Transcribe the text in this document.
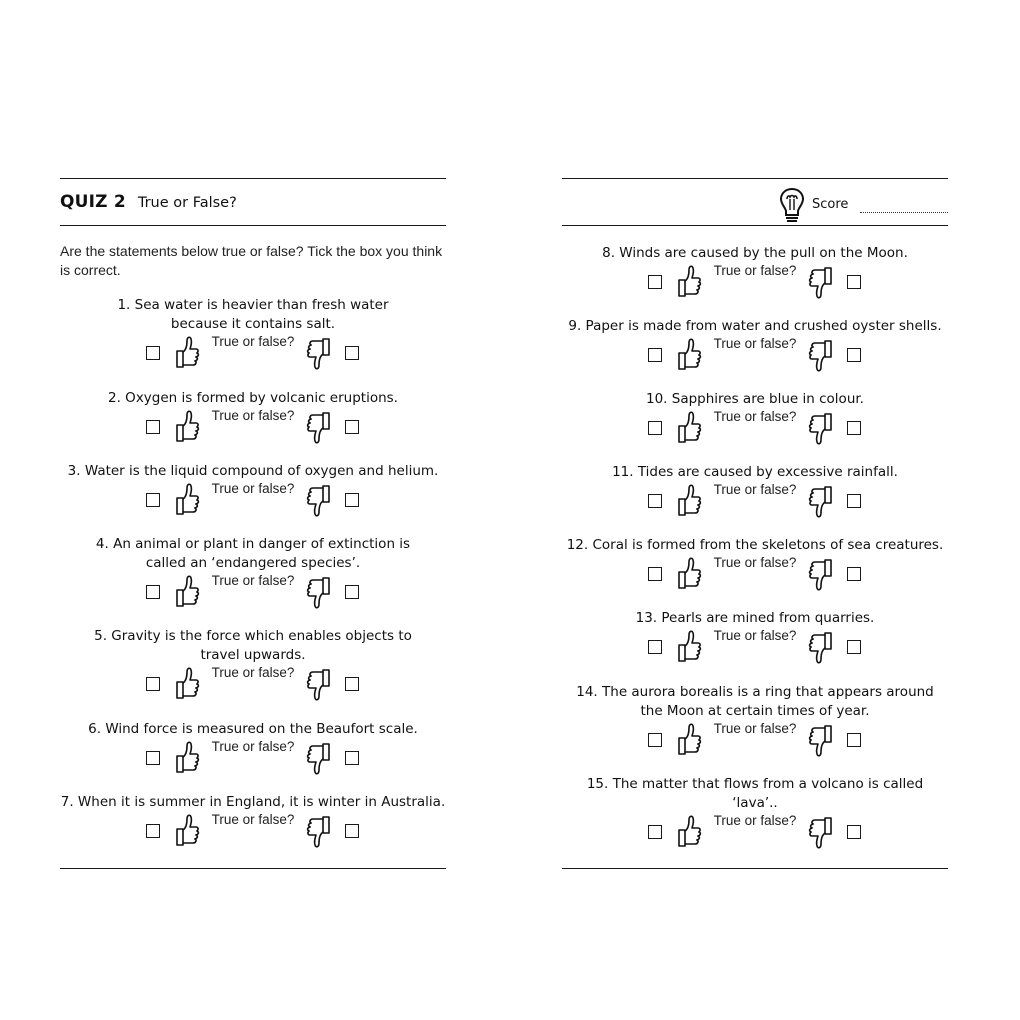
QUIZ 2 True or False?
Are the statements below true or false? Tick the box you think is correct.
1. Sea water is heavier than fresh water
because it contains salt.
True or false?
2. Oxygen is formed by volcanic eruptions.
True or false?
3. Water is the liquid compound of oxygen and helium.
True or false?
4. An animal or plant in danger of extinction is
called an ‘endangered species’.
True or false?
5. Gravity is the force which enables objects to
travel upwards.
True or false?
6. Wind force is measured on the Beaufort scale.
True or false?
7. When it is summer in England, it is winter in Australia.
True or false?
Score
8. Winds are caused by the pull on the Moon.
True or false?
9. Paper is made from water and crushed oyster shells.
True or false?
10. Sapphires are blue in colour.
True or false?
11. Tides are caused by excessive rainfall.
True or false?
12. Coral is formed from the skeletons of sea creatures.
True or false?
13. Pearls are mined from quarries.
True or false?
14. The aurora borealis is a ring that appears around
the Moon at certain times of year.
True or false?
15. The matter that flows from a volcano is called ‘lava’..
True or false?
